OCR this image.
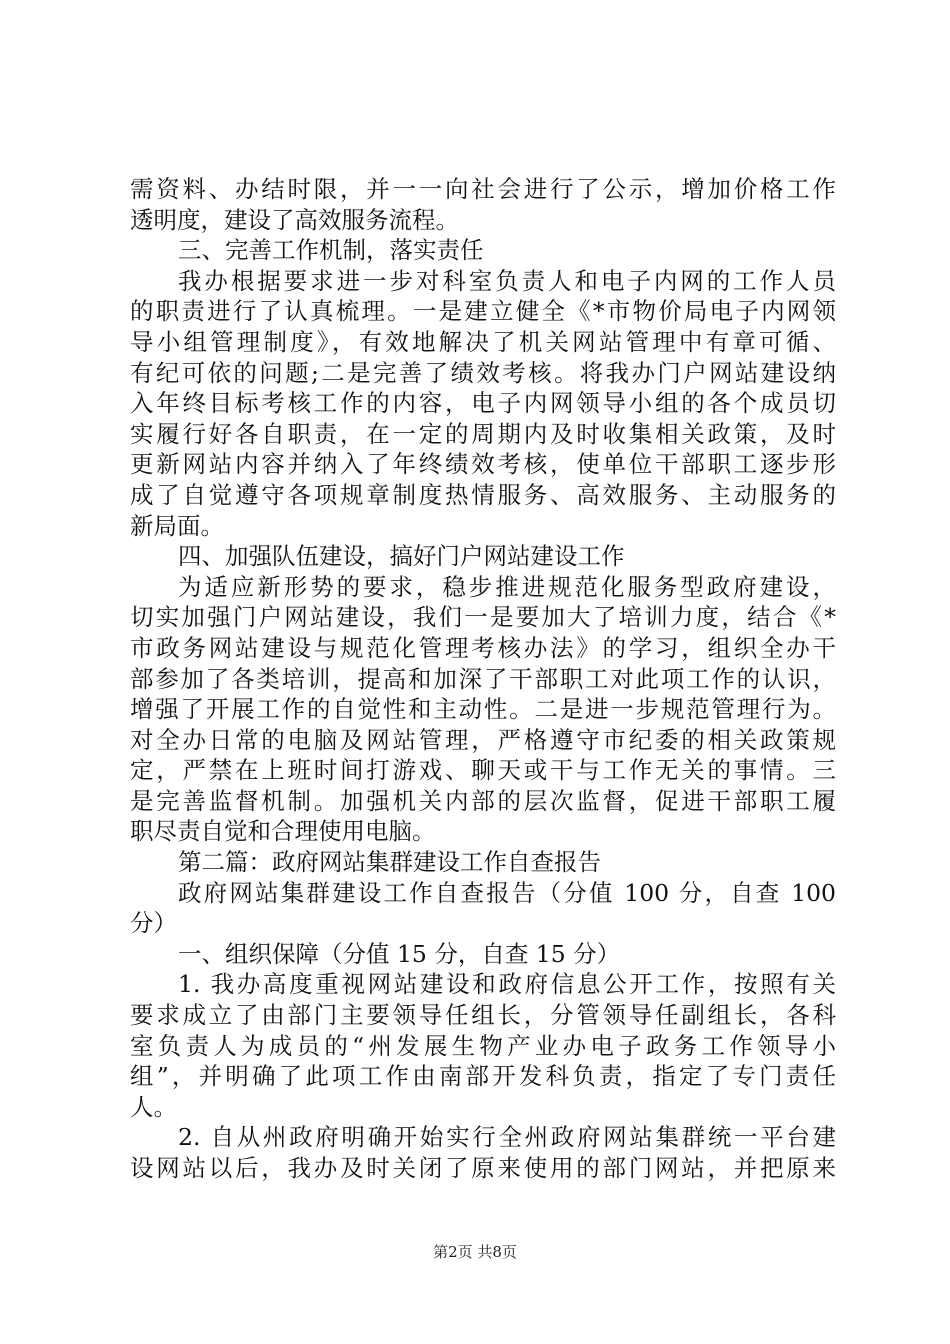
需资料、办结时限，并一一向社会进行了公示，增加价格工作
透明度，建设了高效服务流程。
三、完善工作机制，落实责任
我办根据要求进一步对科室负责人和电子内网的工作人员
的职责进行了认真梳理。一是建立健全《*市物价局电子内网领
导小组管理制度》，有效地解决了机关网站管理中有章可循、
有纪可依的问题;二是完善了绩效考核。将我办门户网站建设纳
入年终目标考核工作的内容，电子内网领导小组的各个成员切
实履行好各自职责，在一定的周期内及时收集相关政策，及时
更新网站内容并纳入了年终绩效考核，使单位干部职工逐步形
成了自觉遵守各项规章制度热情服务、高效服务、主动服务的
新局面。
四、加强队伍建设，搞好门户网站建设工作
为适应新形势的要求，稳步推进规范化服务型政府建设，
切实加强门户网站建设，我们一是要加大了培训力度，结合《*
市政务网站建设与规范化管理考核办法》的学习，组织全办干
部参加了各类培训，提高和加深了干部职工对此项工作的认识，
增强了开展工作的自觉性和主动性。二是进一步规范管理行为。
对全办日常的电脑及网站管理，严格遵守市纪委的相关政策规
定，严禁在上班时间打游戏、聊天或干与工作无关的事情。三
是完善监督机制。加强机关内部的层次监督，促进干部职工履
职尽责自觉和合理使用电脑。
第二篇：政府网站集群建设工作自查报告
政府网站集群建设工作自查报告（分值 100 分，自查 100
分）
一、组织保障（分值 15 分，自查 15 分）
1. 我办高度重视网站建设和政府信息公开工作，按照有关
要求成立了由部门主要领导任组长，分管领导任副组长，各科
室负责人为成员的“州发展生物产业办电子政务工作领导小
组”，并明确了此项工作由南部开发科负责，指定了专门责任
人。
2. 自从州政府明确开始实行全州政府网站集群统一平台建
设网站以后，我办及时关闭了原来使用的部门网站，并把原来
第2页 共8页
